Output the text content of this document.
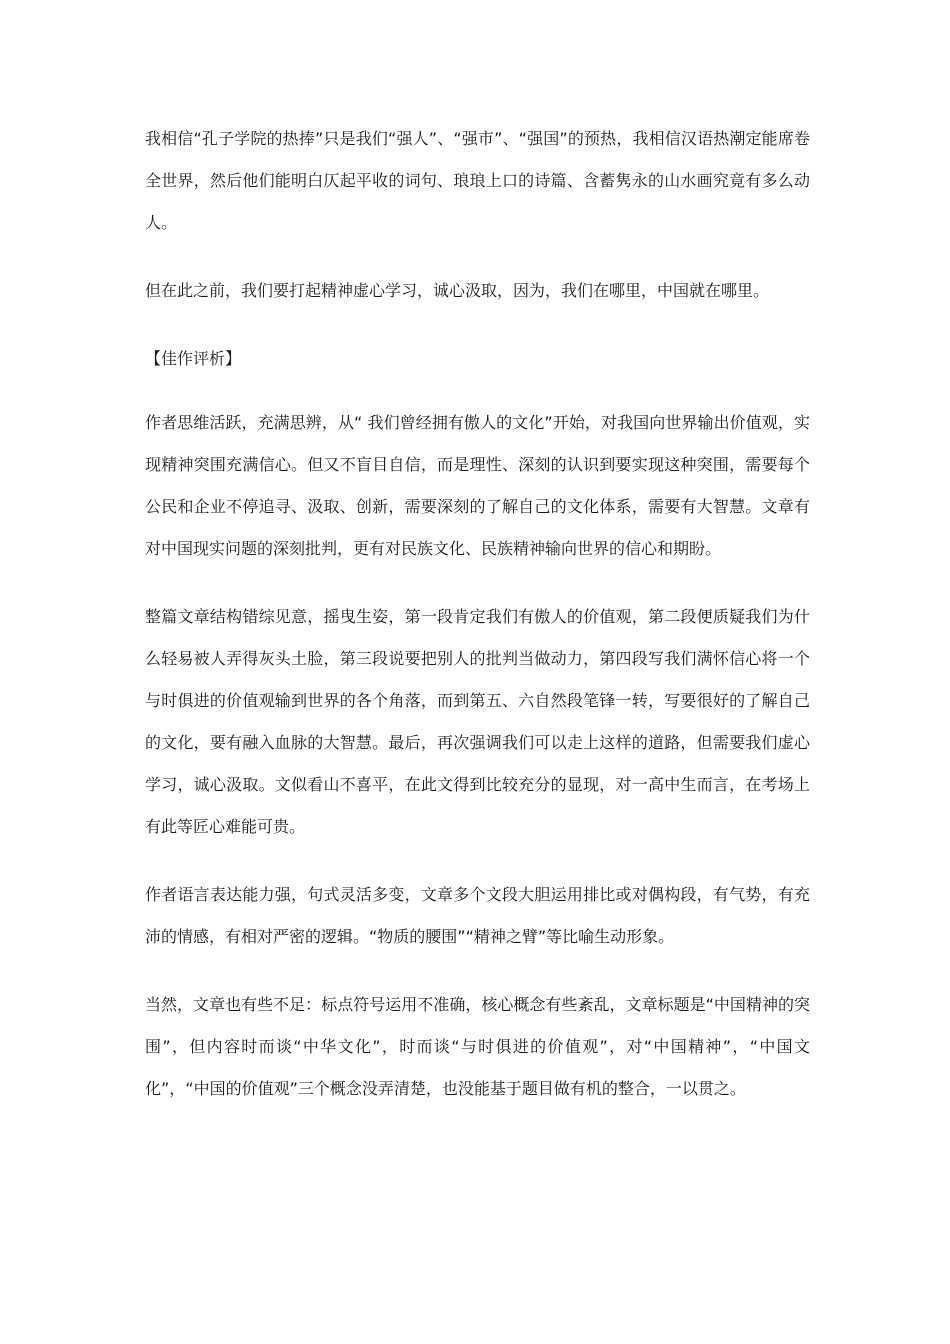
我相信“孔子学院的热捧”只是我们“强人”、“强市”、“强国”的预热，我相信汉语热潮定能席卷全世界，然后他们能明白仄起平收的词句、琅琅上口的诗篇、含蓄隽永的山水画究竟有多么动人。

但在此之前，我们要打起精神虚心学习，诚心汲取，因为，我们在哪里，中国就在哪里。

【佳作评析】

作者思维活跃，充满思辨，从“ 我们曾经拥有傲人的文化”开始，对我国向世界输出价值观，实现精神突围充满信心。但又不盲目自信，而是理性、深刻的认识到要实现这种突围，需要每个公民和企业不停追寻、汲取、创新，需要深刻的了解自己的文化体系，需要有大智慧。文章有对中国现实问题的深刻批判，更有对民族文化、民族精神输向世界的信心和期盼。

整篇文章结构错综见意，摇曳生姿，第一段肯定我们有傲人的价值观，第二段便质疑我们为什么轻易被人弄得灰头土脸，第三段说要把别人的批判当做动力，第四段写我们满怀信心将一个与时俱进的价值观输到世界的各个角落，而到第五、六自然段笔锋一转，写要很好的了解自己的文化，要有融入血脉的大智慧。最后，再次强调我们可以走上这样的道路，但需要我们虚心学习，诚心汲取。文似看山不喜平，在此文得到比较充分的显现，对一高中生而言，在考场上有此等匠心难能可贵。

作者语言表达能力强，句式灵活多变，文章多个文段大胆运用排比或对偶构段，有气势，有充沛的情感，有相对严密的逻辑。“物质的腰围”“精神之臂”等比喻生动形象。

当然，文章也有些不足：标点符号运用不准确，核心概念有些紊乱，文章标题是“中国精神的突围”，但内容时而谈“中华文化”，时而谈“与时俱进的价值观”，对“中国精神”，“中国文化”，“中国的价值观”三个概念没弄清楚，也没能基于题目做有机的整合，一以贯之。
